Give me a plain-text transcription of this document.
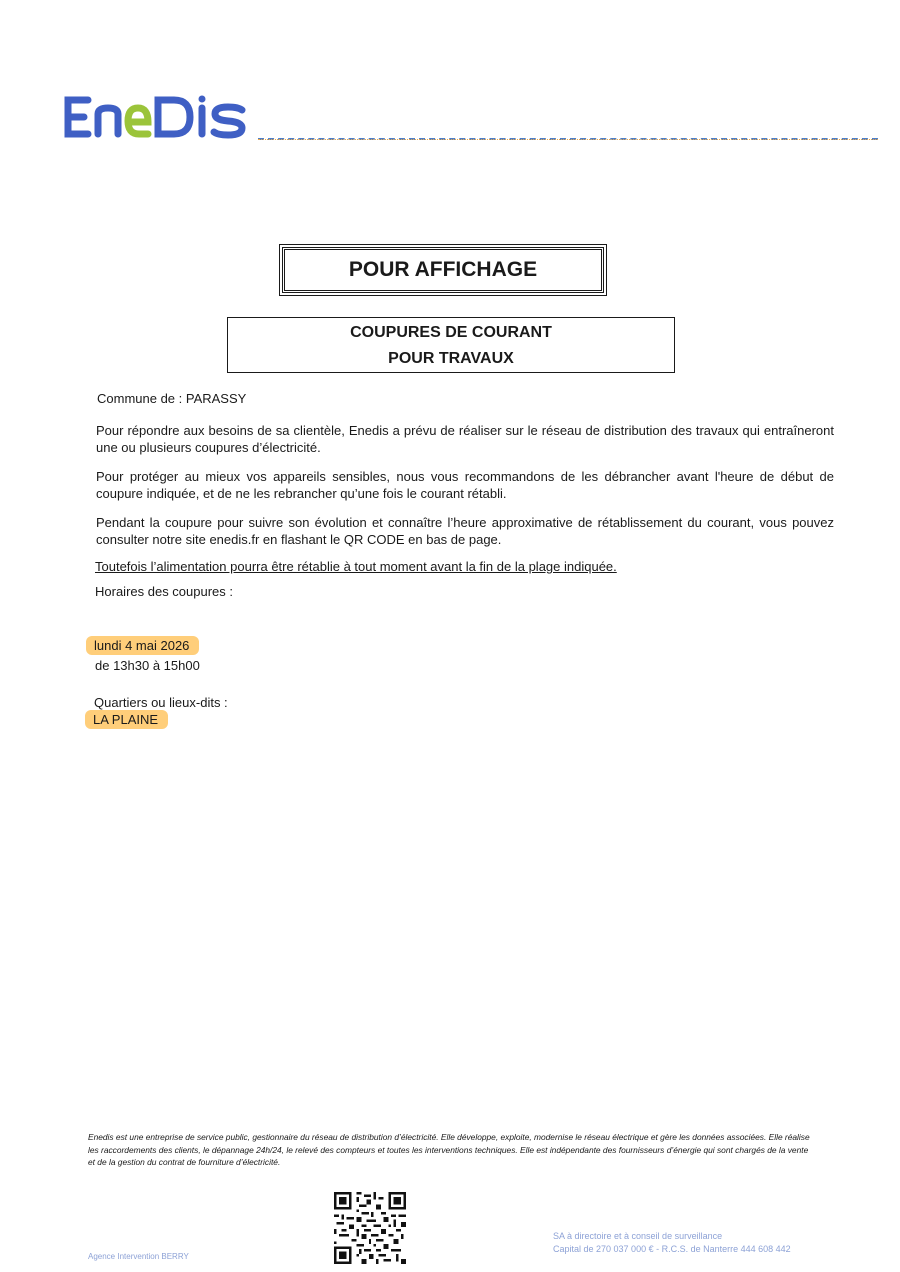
POUR AFFICHAGE
COUPURES DE COURANT
POUR TRAVAUX
Commune de : PARASSY
Pour répondre aux besoins de sa clientèle, Enedis a prévu de réaliser sur le réseau de distribution des travaux qui entraîneront une ou plusieurs coupures d’électricité.
Pour protéger au mieux vos appareils sensibles, nous vous recommandons de les débrancher avant l'heure de début de coupure indiquée, et de ne les rebrancher qu’une fois le courant rétabli.
Pendant la coupure pour suivre son évolution et connaître l’heure approximative de rétablissement du courant, vous pouvez consulter notre site enedis.fr en flashant le QR CODE en bas de page.
Toutefois l’alimentation pourra être rétablie à tout moment avant la fin de la plage indiquée.
Horaires des coupures :
lundi 4 mai 2026
de 13h30 à 15h00
Quartiers ou lieux-dits :
LA PLAINE
Enedis est une entreprise de service public, gestionnaire du réseau de distribution d’électricité. Elle développe, exploite, modernise le réseau électrique et gère les données associées. Elle réalise les raccordements des clients, le dépannage 24h/24, le relevé des compteurs et toutes les interventions techniques. Elle est indépendante des fournisseurs d’énergie qui sont chargés de la vente et de la gestion du contrat de fourniture d’électricité.
Agence Intervention BERRY
SA à directoire et à conseil de surveillance
Capital de 270 037 000 € - R.C.S. de Nanterre 444 608 442
